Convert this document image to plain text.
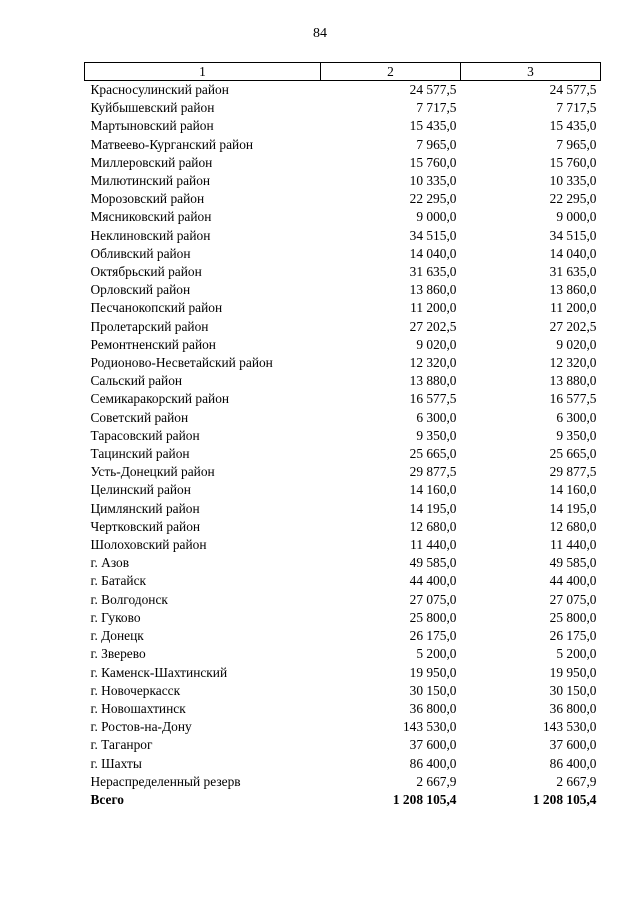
84
1	2	3
Красносулинский район	24 577,5	24 577,5
Куйбышевский район	7 717,5	7 717,5
Мартыновский район	15 435,0	15 435,0
Матвеево-Курганский район	7 965,0	7 965,0
Миллеровский район	15 760,0	15 760,0
Милютинский район	10 335,0	10 335,0
Морозовский район	22 295,0	22 295,0
Мясниковский район	9 000,0	9 000,0
Неклиновский район	34 515,0	34 515,0
Обливский район	14 040,0	14 040,0
Октябрьский район	31 635,0	31 635,0
Орловский район	13 860,0	13 860,0
Песчанокопский район	11 200,0	11 200,0
Пролетарский район	27 202,5	27 202,5
Ремонтненский район	9 020,0	9 020,0
Родионово-Несветайский район	12 320,0	12 320,0
Сальский район	13 880,0	13 880,0
Семикаракорский район	16 577,5	16 577,5
Советский район	6 300,0	6 300,0
Тарасовский район	9 350,0	9 350,0
Тацинский район	25 665,0	25 665,0
Усть-Донецкий район	29 877,5	29 877,5
Целинский район	14 160,0	14 160,0
Цимлянский район	14 195,0	14 195,0
Чертковский район	12 680,0	12 680,0
Шолоховский район	11 440,0	11 440,0
г. Азов	49 585,0	49 585,0
г. Батайск	44 400,0	44 400,0
г. Волгодонск	27 075,0	27 075,0
г. Гуково	25 800,0	25 800,0
г. Донецк	26 175,0	26 175,0
г. Зверево	5 200,0	5 200,0
г. Каменск-Шахтинский	19 950,0	19 950,0
г. Новочеркасск	30 150,0	30 150,0
г. Новошахтинск	36 800,0	36 800,0
г. Ростов-на-Дону	143 530,0	143 530,0
г. Таганрог	37 600,0	37 600,0
г. Шахты	86 400,0	86 400,0
Нераспределенный резерв	2 667,9	2 667,9
Всего	1 208 105,4	1 208 105,4
